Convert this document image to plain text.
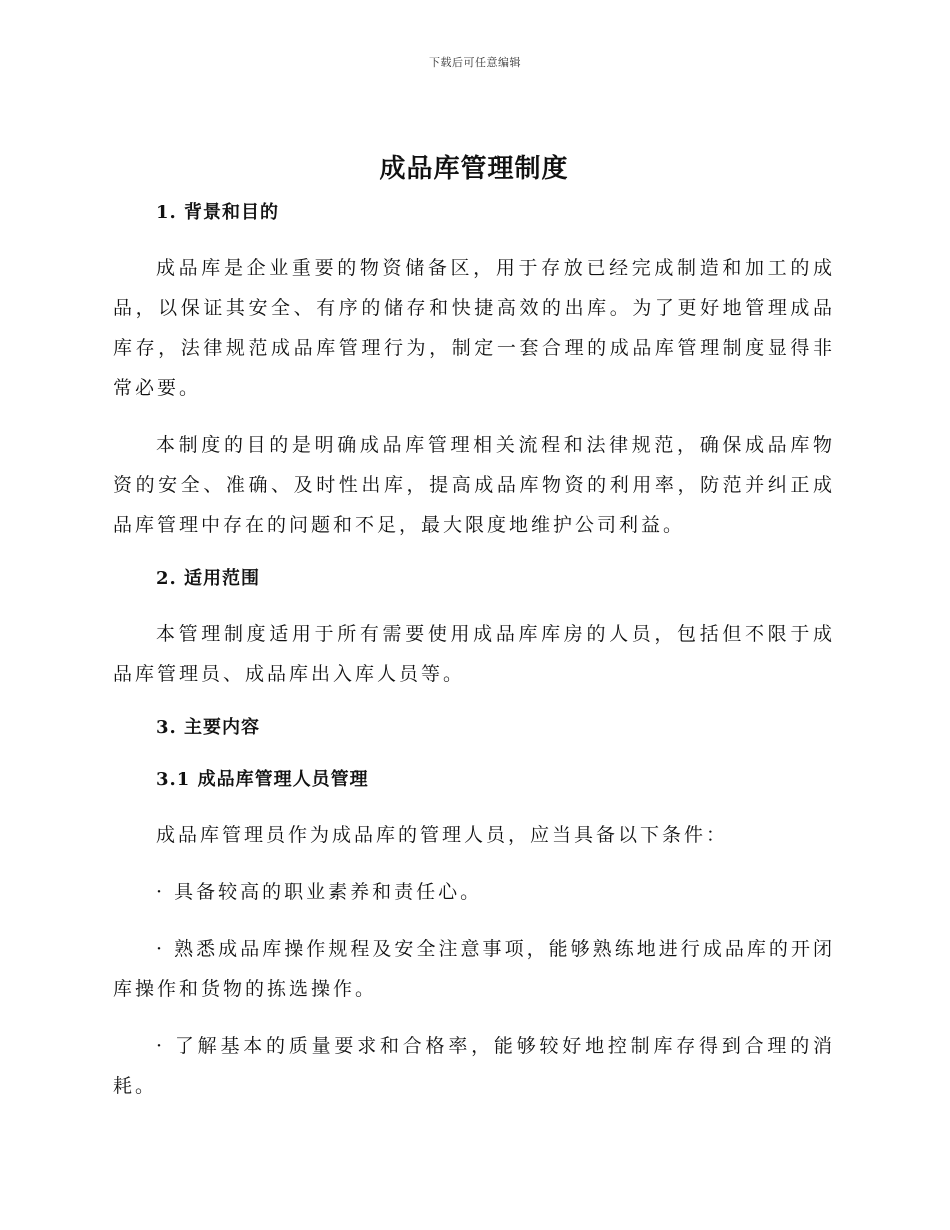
下载后可任意编辑
成品库管理制度
1. 背景和目的

成品库是企业重要的物资储备区，用于存放已经完成制造和加工的成品，以保证其安全、有序的储存和快捷高效的出库。为了更好地管理成品库存，法律规范成品库管理行为，制定一套合理的成品库管理制度显得非常必要。

本制度的目的是明确成品库管理相关流程和法律规范，确保成品库物资的安全、准确、及时性出库，提高成品库物资的利用率，防范并纠正成品库管理中存在的问题和不足，最大限度地维护公司利益。

2. 适用范围

本管理制度适用于所有需要使用成品库库房的人员，包括但不限于成品库管理员、成品库出入库人员等。

3. 主要内容
3.1 成品库管理人员管理

成品库管理员作为成品库的管理人员，应当具备以下条件：

· 具备较高的职业素养和责任心。

· 熟悉成品库操作规程及安全注意事项，能够熟练地进行成品库的开闭库操作和货物的拣选操作。

· 了解基本的质量要求和合格率，能够较好地控制库存得到合理的消耗。
